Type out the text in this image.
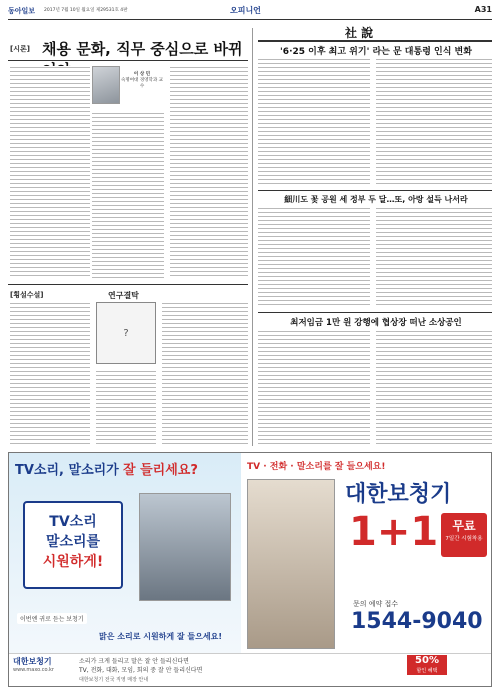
동아일보 2017년 7월 10일 월요일 제29531호 4판	오피니언	A31
[시론] 채용 문화, 직무 중심으로 바뀌
이 상 민
숙명여대 경영학과 교수
[횡설수설]	연구결탁
?
社 說
'6·25 이후 최고 위기' 라는 문 대통령 인식 변화
細川도 꽃 공원 세 정부 두 달…또, 아랑 설득 나서라
최저임금 1만 원 강행에 협상장 떠난 소상공인
TV소리, 말소리가 잘 들리세요?
TV소리
말소리를
시원하게!
이번엔 귀로 듣는 보청기
맑은 소리로 시원하게 잘 들으세요!
TV · 전화 · 말소리를 잘 들으세요!
대한보청기
1+1	무료
7일간 시험착용
문의 예약 접수
1544-9040
대한보청기
www.maxo.co.kr
소리가 크게 들리고 말은 잘 안 들리신다면
TV, 전화, 대화, 모임, 회의 중 잘 안 들리신다면
50%
할인 혜택
대한보청기 전국 직영 매장 안내
